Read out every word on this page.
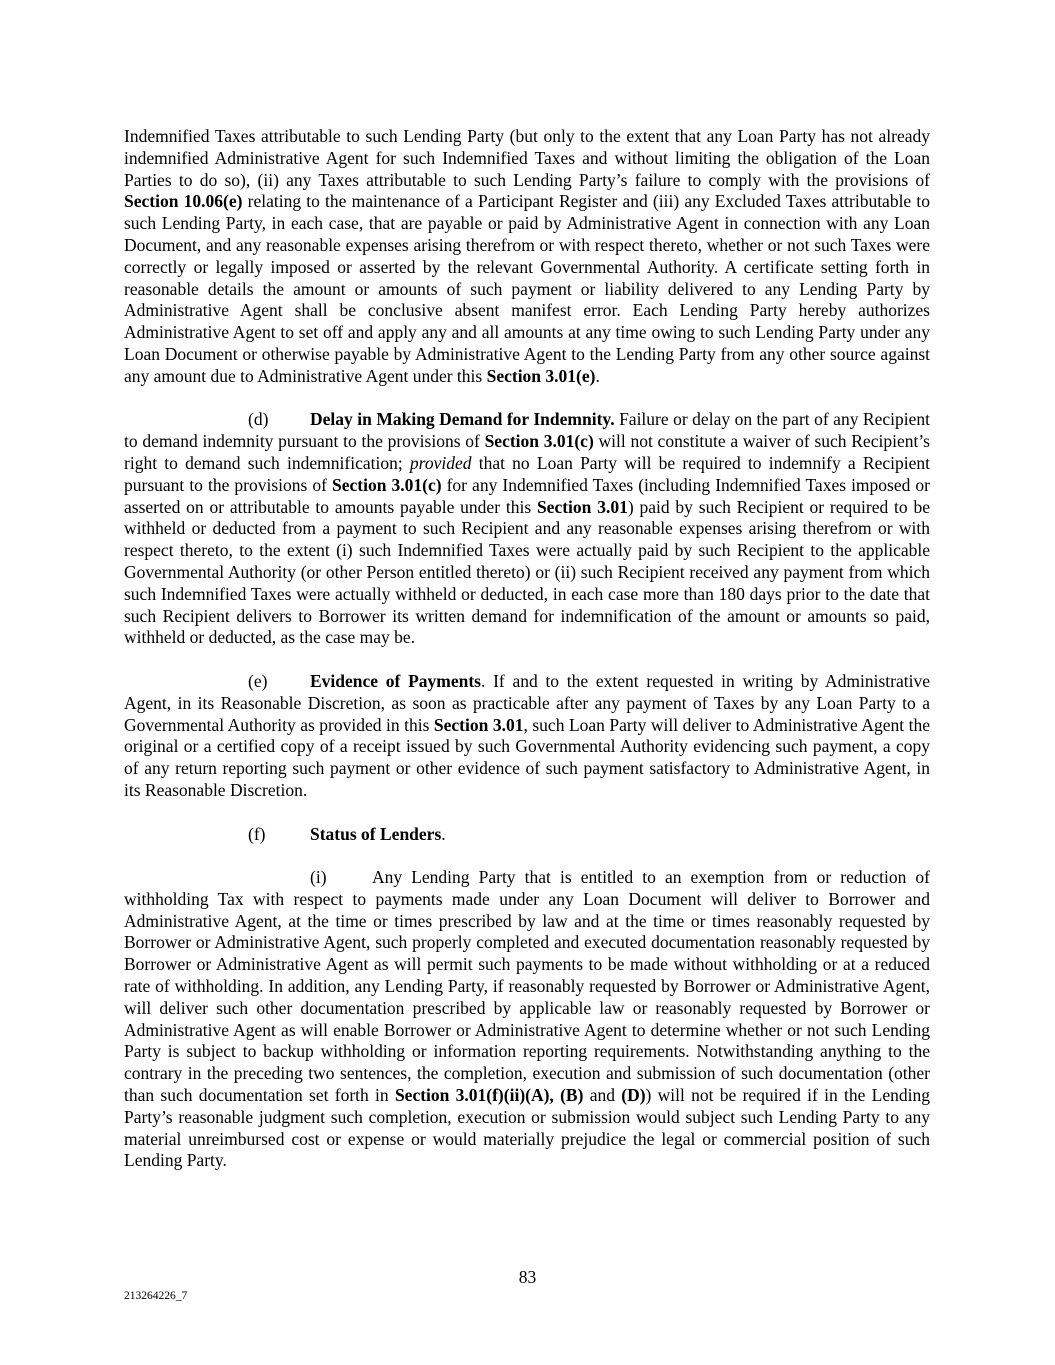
Indemnified Taxes attributable to such Lending Party (but only to the extent that any Loan Party has not already indemnified Administrative Agent for such Indemnified Taxes and without limiting the obligation of the Loan Parties to do so), (ii) any Taxes attributable to such Lending Party’s failure to comply with the provisions of Section 10.06(e) relating to the maintenance of a Participant Register and (iii) any Excluded Taxes attributable to such Lending Party, in each case, that are payable or paid by Administrative Agent in connection with any Loan Document, and any reasonable expenses arising therefrom or with respect thereto, whether or not such Taxes were correctly or legally imposed or asserted by the relevant Governmental Authority. A certificate setting forth in reasonable details the amount or amounts of such payment or liability delivered to any Lending Party by Administrative Agent shall be conclusive absent manifest error. Each Lending Party hereby authorizes Administrative Agent to set off and apply any and all amounts at any time owing to such Lending Party under any Loan Document or otherwise payable by Administrative Agent to the Lending Party from any other source against any amount due to Administrative Agent under this Section 3.01(e).

(d) Delay in Making Demand for Indemnity. Failure or delay on the part of any Recipient to demand indemnity pursuant to the provisions of Section 3.01(c) will not constitute a waiver of such Recipient’s right to demand such indemnification; provided that no Loan Party will be required to indemnify a Recipient pursuant to the provisions of Section 3.01(c) for any Indemnified Taxes (including Indemnified Taxes imposed or asserted on or attributable to amounts payable under this Section 3.01) paid by such Recipient or required to be withheld or deducted from a payment to such Recipient and any reasonable expenses arising therefrom or with respect thereto, to the extent (i) such Indemnified Taxes were actually paid by such Recipient to the applicable Governmental Authority (or other Person entitled thereto) or (ii) such Recipient received any payment from which such Indemnified Taxes were actually withheld or deducted, in each case more than 180 days prior to the date that such Recipient delivers to Borrower its written demand for indemnification of the amount or amounts so paid, withheld or deducted, as the case may be.

(e) Evidence of Payments. If and to the extent requested in writing by Administrative Agent, in its Reasonable Discretion, as soon as practicable after any payment of Taxes by any Loan Party to a Governmental Authority as provided in this Section 3.01, such Loan Party will deliver to Administrative Agent the original or a certified copy of a receipt issued by such Governmental Authority evidencing such payment, a copy of any return reporting such payment or other evidence of such payment satisfactory to Administrative Agent, in its Reasonable Discretion.

(f)	Status of Lenders.

(i)	Any Lending Party that is entitled to an exemption from or reduction of withholding Tax with respect to payments made under any Loan Document will deliver to Borrower and Administrative Agent, at the time or times prescribed by law and at the time or times reasonably requested by Borrower or Administrative Agent, such properly completed and executed documentation reasonably requested by Borrower or Administrative Agent as will permit such payments to be made without withholding or at a reduced rate of withholding. In addition, any Lending Party, if reasonably requested by Borrower or Administrative Agent, will deliver such other documentation prescribed by applicable law or reasonably requested by Borrower or Administrative Agent as will enable Borrower or Administrative Agent to determine whether or not such Lending Party is subject to backup withholding or information reporting requirements. Notwithstanding anything to the contrary in the preceding two sentences, the completion, execution and submission of such documentation (other than such documentation set forth in Section 3.01(f)(ii)(A), (B) and (D)) will not be required if in the Lending Party’s reasonable judgment such completion, execution or submission would subject such Lending Party to any material unreimbursed cost or expense or would materially prejudice the legal or commercial position of such Lending Party.

83
213264226_7
